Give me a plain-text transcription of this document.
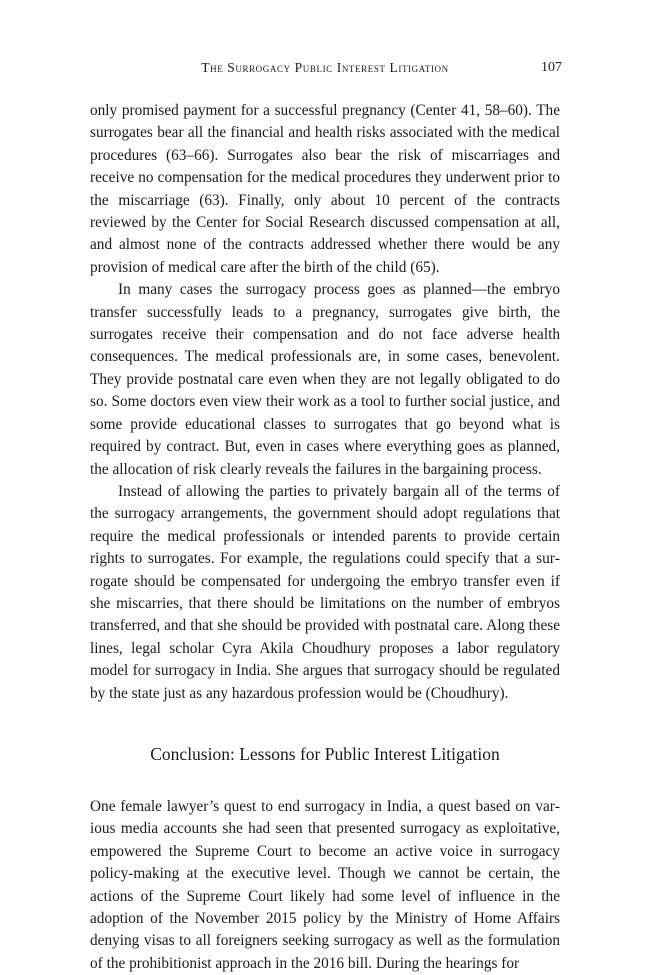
The Surrogacy Public Interest Litigation	107

only promised payment for a successful pregnancy (Center 41, 58–60). The surrogates bear all the financial and health risks associated with the medical procedures (63–66). Surrogates also bear the risk of miscarriages and receive no compensation for the medical procedures they underwent prior to the miscarriage (63). Finally, only about 10 percent of the contracts reviewed by the Center for Social Research discussed compensation at all, and almost none of the contracts addressed whether there would be any provision of medical care after the birth of the child (65).

In many cases the surrogacy process goes as planned—the embryo transfer successfully leads to a pregnancy, surrogates give birth, the surrogates receive their compensation and do not face adverse health consequences. The medical professionals are, in some cases, benevolent. They provide postnatal care even when they are not legally obligated to do so. Some doctors even view their work as a tool to further social justice, and some provide educational classes to surrogates that go beyond what is required by contract. But, even in cases where everything goes as planned, the allocation of risk clearly reveals the failures in the bargaining process.

Instead of allowing the parties to privately bargain all of the terms of the surrogacy arrangements, the government should adopt regulations that require the medical professionals or intended parents to provide certain rights to surrogates. For example, the regulations could specify that a surrogate should be compensated for undergoing the embryo transfer even if she miscarries, that there should be limitations on the number of embryos transferred, and that she should be provided with postnatal care. Along these lines, legal scholar Cyra Akila Choudhury proposes a labor regulatory model for surrogacy in India. She argues that surrogacy should be regulated by the state just as any hazardous profession would be (Choudhury).

Conclusion: Lessons for Public Interest Litigation

One female lawyer’s quest to end surrogacy in India, a quest based on various media accounts she had seen that presented surrogacy as exploitative, empowered the Supreme Court to become an active voice in surrogacy policy-making at the executive level. Though we cannot be certain, the actions of the Supreme Court likely had some level of influence in the adoption of the November 2015 policy by the Ministry of Home Affairs denying visas to all foreigners seeking surrogacy as well as the formulation of the prohibitionist approach in the 2016 bill. During the hearings for
